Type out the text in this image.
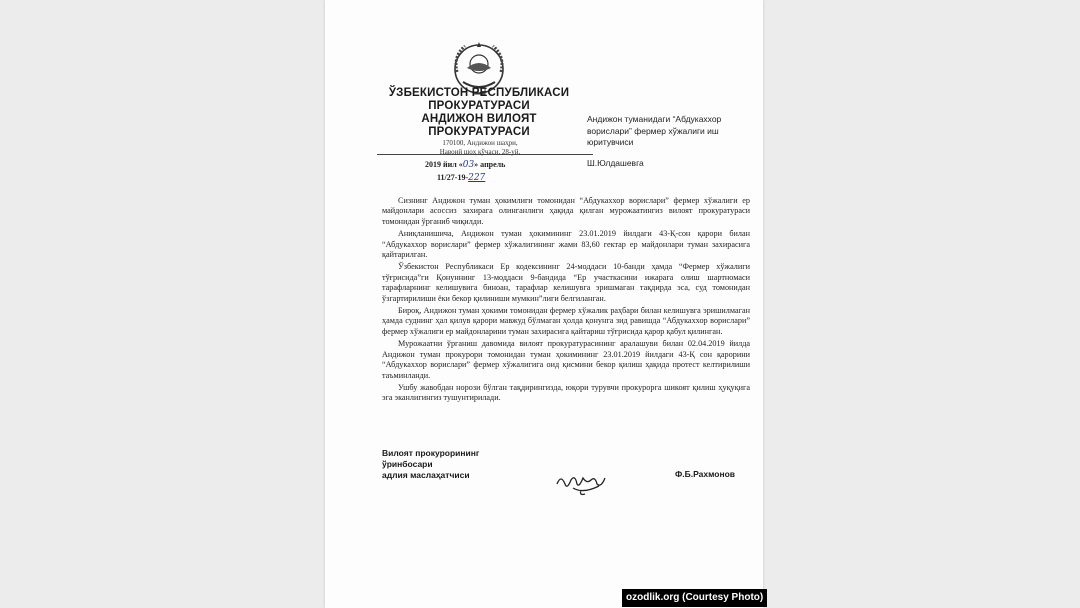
ЎЗБЕКИСТОН РЕСПУБЛИКАСИ
ПРОКУРАТУРАСИ
АНДИЖОН ВИЛОЯТ
ПРОКУРАТУРАСИ
170100, Андижон шаҳри,
Навоий шоҳ кўчаси, 28-уй.
2019 йил «03» апрель
11/27-19-227
Андижон туманидаги “Абдукаххор
ворислари” фермер хўжалиги иш
юритувчиси
Ш.Юлдашевга

Сизнинг Андижон туман ҳокимлиги томонидан “Абдукаххор ворислари” фермер хўжалиги ер майдонлари асоссиз захирага олинганлиги ҳақида қилган мурожаатингиз вилоят прокуратураси томонидан ўрганиб чиқилди.

Аниқланишича, Андижон туман ҳокимининг 23.01.2019 йилдаги 43-Қ-сон қарори билан “Абдукаххор ворислари” фермер хўжалигининг жами 83,60 гектар ер майдонлари туман захирасига қайтарилган.

Ўзбекистон Республикаси Ер кодексининг 24-моддаси 10-банди ҳамда “Фермер хўжалиги тўғрисида”ги Қонуннинг 13-моддаси 9-бандида “Ер участкасини ижарага олиш шартномаси тарафларнинг келишувига биноан, тарафлар келишувга эришмаган тақдирда эса, суд томонидан ўзгартирилиши ёки бекор қилиниши мумкин”лиги белгиланган.

Бироқ, Андижон туман ҳокими томонидан фермер хўжалик раҳбари билан келишувга эришилмаган ҳамда суднинг ҳал қилув қарори мавжуд бўлмаган ҳолда қонунга зид равишда “Абдукаххор ворислари” фермер хўжалиги ер майдонларини туман захирасига қайтариш тўғрисида қарор қабул қилинган.

Мурожаатни ўрганиш давомида вилоят прокуратурасининг аралашуви билан 02.04.2019 йилда Андижон туман прокурори томонидан туман ҳокимининг 23.01.2019 йилдаги 43-Қ сон қарорини “Абдукаххор ворислари” фермер хўжалигига оид қисмини бекор қилиш ҳақида протест келтирилиши таъминланди.

Ушбу жавобдан норози бўлган тақдирингизда, юқори турувчи прокурорга шикоят қилиш ҳуқуқига эга эканлигингиз тушунтирилади.

Вилоят прокурорининг
ўринбосари
адлия маслаҳатчиси	Ф.Б.Рахмонов
ozodlik.org (Courtesy Photo)
